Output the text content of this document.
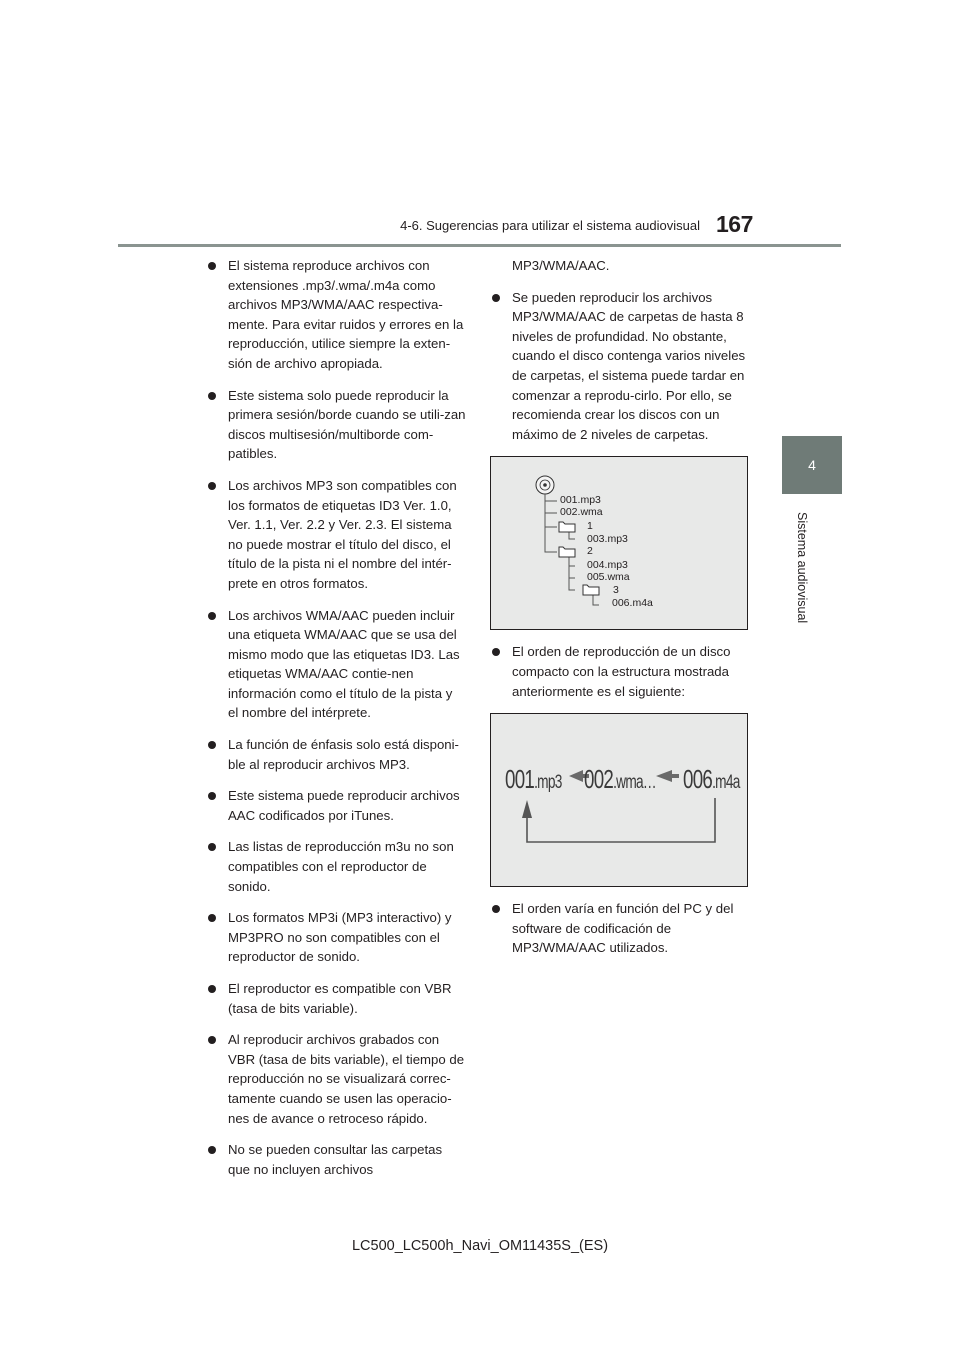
4-6. Sugerencias para utilizar el sistema audiovisual 167
4
Sistema audiovisual
El sistema reproduce archivos con extensiones .mp3/.wma/.m4a como archivos MP3/WMA/AAC respectiva-mente. Para evitar ruidos y errores en la reproducción, utilice siempre la exten-sión de archivo apropiada.
Este sistema solo puede reproducir la primera sesión/borde cuando se utili-zan discos multisesión/multiborde com-patibles.
Los archivos MP3 son compatibles con los formatos de etiquetas ID3 Ver. 1.0, Ver. 1.1, Ver. 2.2 y Ver. 2.3. El sistema no puede mostrar el título del disco, el título de la pista ni el nombre del intér-prete en otros formatos.
Los archivos WMA/AAC pueden incluir una etiqueta WMA/AAC que se usa del mismo modo que las etiquetas ID3. Las etiquetas WMA/AAC contie-nen información como el título de la pista y el nombre del intérprete.
La función de énfasis solo está disponi-ble al reproducir archivos MP3.
Este sistema puede reproducir archivos AAC codificados por iTunes.
Las listas de reproducción m3u no son compatibles con el reproductor de sonido.
Los formatos MP3i (MP3 interactivo) y MP3PRO no son compatibles con el reproductor de sonido.
El reproductor es compatible con VBR (tasa de bits variable).
Al reproducir archivos grabados con VBR (tasa de bits variable), el tiempo de reproducción no se visualizará correc-tamente cuando se usen las operacio-nes de avance o retroceso rápido.
No se pueden consultar las carpetas que no incluyen archivos
MP3/WMA/AAC.
Se pueden reproducir los archivos MP3/WMA/AAC de carpetas de hasta 8 niveles de profundidad. No obstante, cuando el disco contenga varios niveles de carpetas, el sistema puede tardar en comenzar a reprodu-cirlo. Por ello, se recomienda crear los discos con un máximo de 2 niveles de carpetas.
001.mp3
002.wma
1
003.mp3
2
004.mp3
005.wma
3
006.m4a
El orden de reproducción de un disco compacto con la estructura mostrada anteriormente es el siguiente:
001.mp3 002.wma… 006.m4a
El orden varía en función del PC y del software de codificación de MP3/WMA/AAC utilizados.
LC500_LC500h_Navi_OM11435S_(ES)
